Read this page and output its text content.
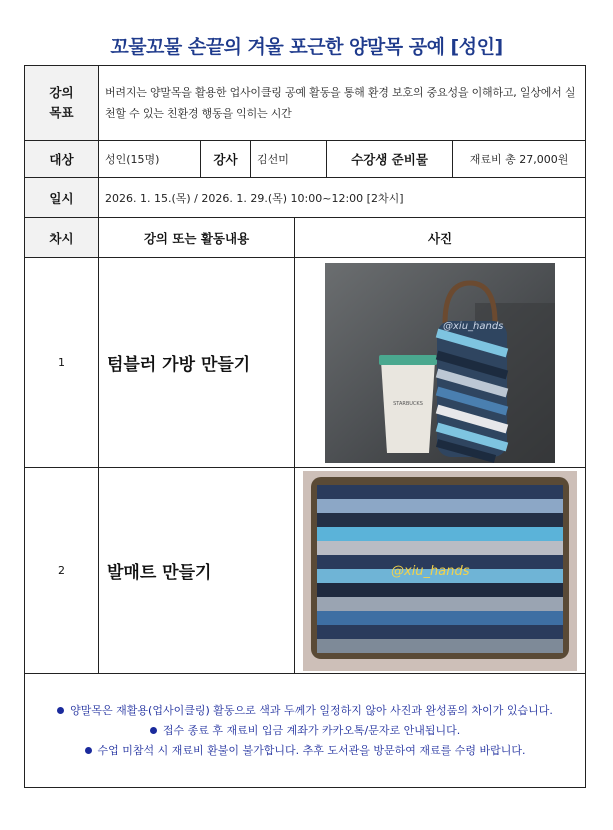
꼬물꼬물 손끝의 겨울 포근한 양말목 공예 [성인]
강의
목표	버려지는 양말목을 활용한 업사이클링 공예 활동을 통해 환경 보호의 중요성을 이해하고, 일상에서 실천할 수 있는 친환경 행동을 익히는 시간					
대상	성인(15명)	강사	김선미		수강생 준비물	재료비 총 27,000원
일시	2026. 1. 15.(목) / 2026. 1. 29.(목) 10:00~12:00 [2차시]					
차시	강의 또는 활동내용			사진		
1	텀블러 가방 만들기			STARBUCKS
@xiu_hands		

2	발매트 만들기			@xiu_hands		

양말목은 재활용(업사이클링) 활동으로 색과 두께가 일정하지 않아 사진과 완성품의 차이가 있습니다.
접수 종료 후 재료비 입금 계좌가 카카오톡/문자로 안내됩니다.
수업 미참석 시 재료비 환불이 불가합니다. 추후 도서관을 방문하여 재료를 수령 바랍니다.						
